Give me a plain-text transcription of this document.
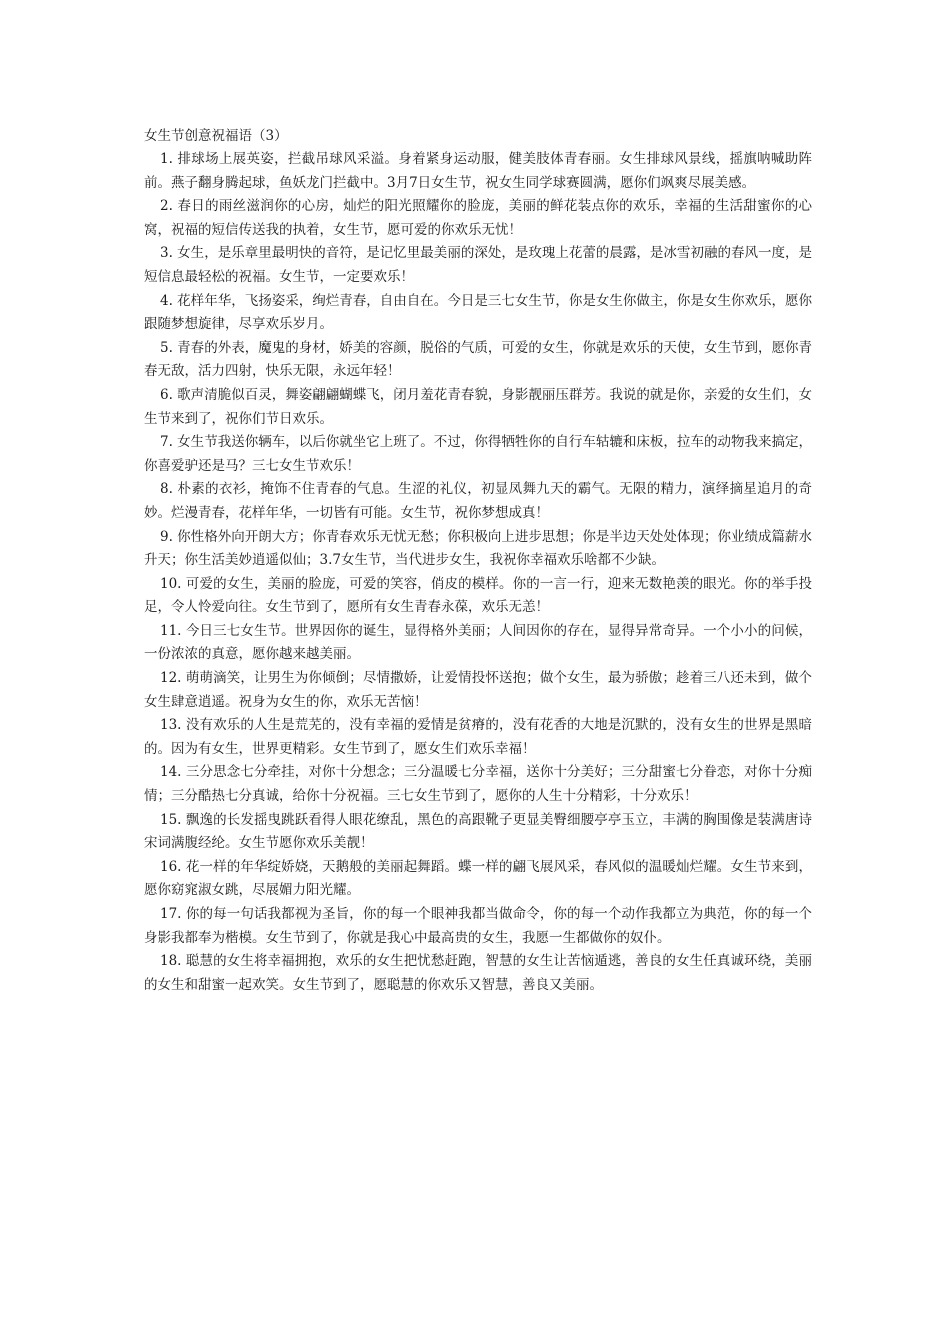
女生节创意祝福语（3）

1. 排球场上展英姿，拦截吊球风采溢。身着紧身运动服，健美肢体青春丽。女生排球风景线，摇旗呐喊助阵前。燕子翻身腾起球，鱼妖龙门拦截中。3月7日女生节，祝女生同学球赛圆满，愿你们飒爽尽展美感。

2. 春日的雨丝滋润你的心房，灿烂的阳光照耀你的脸庞，美丽的鲜花装点你的欢乐，幸福的生活甜蜜你的心窝，祝福的短信传送我的执着，女生节，愿可爱的你欢乐无忧！

3. 女生，是乐章里最明快的音符，是记忆里最美丽的深处，是玫瑰上花蕾的晨露，是冰雪初融的春风一度，是短信息最轻松的祝福。女生节，一定要欢乐！

4. 花样年华，飞扬姿采，绚烂青春，自由自在。今日是三七女生节，你是女生你做主，你是女生你欢乐，愿你跟随梦想旋律，尽享欢乐岁月。

5. 青春的外表，魔鬼的身材，娇美的容颜，脱俗的气质，可爱的女生，你就是欢乐的天使，女生节到，愿你青春无敌，活力四射，快乐无限，永远年轻！

6. 歌声清脆似百灵，舞姿翩翩蝴蝶飞，闭月羞花青春貌，身影靓丽压群芳。我说的就是你，亲爱的女生们，女生节来到了，祝你们节日欢乐。

7. 女生节我送你辆车，以后你就坐它上班了。不过，你得牺牲你的自行车轱辘和床板，拉车的动物我来搞定，你喜爱驴还是马？三七女生节欢乐！

8. 朴素的衣衫，掩饰不住青春的气息。生涩的礼仪，初显凤舞九天的霸气。无限的精力，演绎摘星追月的奇妙。烂漫青春，花样年华，一切皆有可能。女生节，祝你梦想成真！

9. 你性格外向开朗大方；你青春欢乐无忧无愁；你积极向上进步思想；你是半边天处处体现；你业绩成篇薪水升天；你生活美妙逍遥似仙；3.7女生节，当代进步女生，我祝你幸福欢乐啥都不少缺。

10. 可爱的女生，美丽的脸庞，可爱的笑容，俏皮的模样。你的一言一行，迎来无数艳羡的眼光。你的举手投足，令人怜爱向往。女生节到了，愿所有女生青春永葆，欢乐无恙！

11. 今日三七女生节。世界因你的诞生，显得格外美丽；人间因你的存在，显得异常奇异。一个小小的问候，一份浓浓的真意，愿你越来越美丽。

12. 萌萌滴笑，让男生为你倾倒；尽情撒娇，让爱情投怀送抱；做个女生，最为骄傲；趁着三八还未到，做个女生肆意逍遥。祝身为女生的你，欢乐无苦恼！

13. 没有欢乐的人生是荒芜的，没有幸福的爱情是贫瘠的，没有花香的大地是沉默的，没有女生的世界是黑暗的。因为有女生，世界更精彩。女生节到了，愿女生们欢乐幸福！

14. 三分思念七分牵挂，对你十分想念；三分温暖七分幸福，送你十分美好；三分甜蜜七分眷恋，对你十分痴情；三分酷热七分真诚，给你十分祝福。三七女生节到了，愿你的人生十分精彩，十分欢乐！

15. 飘逸的长发摇曳跳跃看得人眼花缭乱，黑色的高跟靴子更显美臀细腰亭亭玉立，丰满的胸围像是装满唐诗宋词满腹经纶。女生节愿你欢乐美靓！

16. 花一样的年华绽娇娆，天鹅般的美丽起舞蹈。蝶一样的翩飞展风采，春风似的温暖灿烂耀。女生节来到，愿你窈窕淑女跳，尽展媚力阳光耀。

17. 你的每一句话我都视为圣旨，你的每一个眼神我都当做命令，你的每一个动作我都立为典范，你的每一个身影我都奉为楷模。女生节到了，你就是我心中最高贵的女生，我愿一生都做你的奴仆。

18. 聪慧的女生将幸福拥抱，欢乐的女生把忧愁赶跑，智慧的女生让苦恼遁逃，善良的女生任真诚环绕，美丽的女生和甜蜜一起欢笑。女生节到了，愿聪慧的你欢乐又智慧，善良又美丽。
